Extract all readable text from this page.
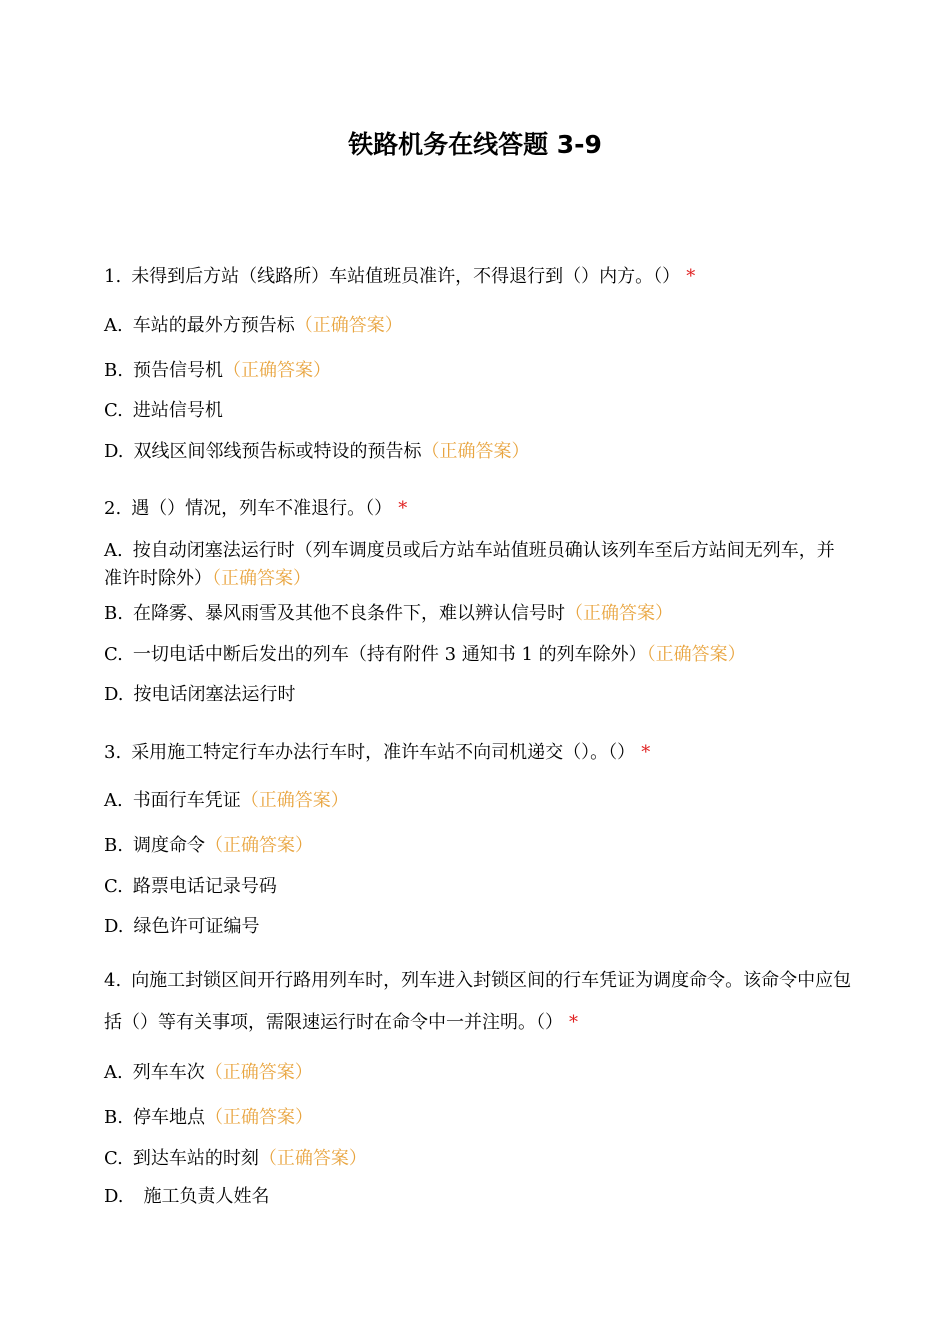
铁路机务在线答题 3-9
1. 未得到后方站（线路所）车站值班员准许，不得退行到（）内方。（） *
A. 车站的最外方预告标（正确答案）
B. 预告信号机（正确答案）
C. 进站信号机
D. 双线区间邻线预告标或特设的预告标（正确答案）
2. 遇（）情况，列车不准退行。（） *
A. 按自动闭塞法运行时（列车调度员或后方站车站值班员确认该列车至后方站间无列车，并准许时除外）（正确答案）
B. 在降雾、暴风雨雪及其他不良条件下，难以辨认信号时（正确答案）
C. 一切电话中断后发出的列车（持有附件 3 通知书 1 的列车除外）（正确答案）
D. 按电话闭塞法运行时
3. 采用施工特定行车办法行车时，准许车站不向司机递交（）。（） *
A. 书面行车凭证（正确答案）
B. 调度命令（正确答案）
C. 路票电话记录号码
D. 绿色许可证编号
4. 向施工封锁区间开行路用列车时，列车进入封锁区间的行车凭证为调度命令。该命令中应包括（）等有关事项，需限速运行时在命令中一并注明。（） *
A. 列车车次（正确答案）
B. 停车地点（正确答案）
C. 到达车站的时刻（正确答案）
D. 施工负责人姓名
